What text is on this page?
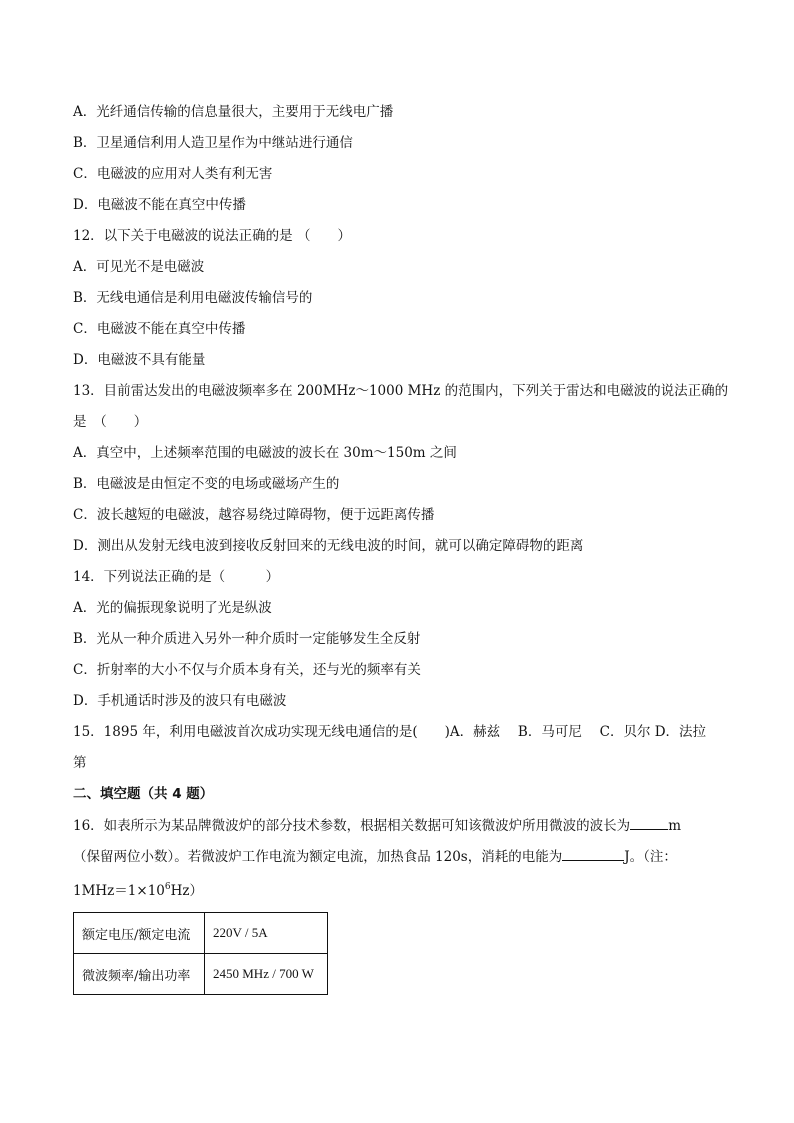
A．光纤通信传输的信息量很大，主要用于无线电广播
B．卫星通信利用人造卫星作为中继站进行通信
C．电磁波的应用对人类有利无害
D．电磁波不能在真空中传播
12．以下关于电磁波的说法正确的是 （　　）
A．可见光不是电磁波
B．无线电通信是利用电磁波传输信号的
C．电磁波不能在真空中传播
D．电磁波不具有能量
13．目前雷达发出的电磁波频率多在 200MHz～1000 MHz 的范围内，下列关于雷达和电磁波的说法正确的
是　（　　）
A．真空中，上述频率范围的电磁波的波长在 30m～150m 之间
B．电磁波是由恒定不变的电场或磁场产生的
C．波长越短的电磁波，越容易绕过障碍物，便于远距离传播
D．测出从发射无线电波到接收反射回来的无线电波的时间，就可以确定障碍物的距离
14．下列说法正确的是（　　　）
A．光的偏振现象说明了光是纵波
B．光从一种介质进入另外一种介质时一定能够发生全反射
C．折射率的大小不仅与介质本身有关，还与光的频率有关
D．手机通话时涉及的波只有电磁波
15．1895 年，利用电磁波首次成功实现无线电通信的是(　　)A．赫兹　 B．马可尼　 C．贝尔 D．法拉
第
二、填空题（共 4 题）
16．如表所示为某品牌微波炉的部分技术参数，根据相关数据可知该微波炉所用微波的波长为	m
（保留两位小数）。若微波炉工作电流为额定电流，加热食品 120s，消耗的电能为	J。（注：
$1MHz=1\times 10^6Hz$）
额定电压/额定电流	220V / 5A
微波频率/输出功率	2450 MHz / 700 W
